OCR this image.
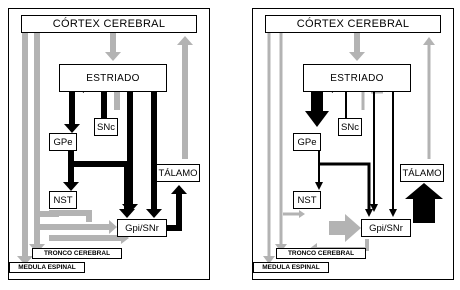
CÓRTEX CEREBRAL
ESTRIADO
GPe
SNc
NST
Gpi/SNr
TÁLAMO
TRONCO CEREBRAL
MEDULA ESPINAL
CÓRTEX CEREBRAL
ESTRIADO
GPe
SNc
NST
Gpi/SNr
TÁLAMO
TRONCO CEREBRAL
MEDULA ESPINAL
